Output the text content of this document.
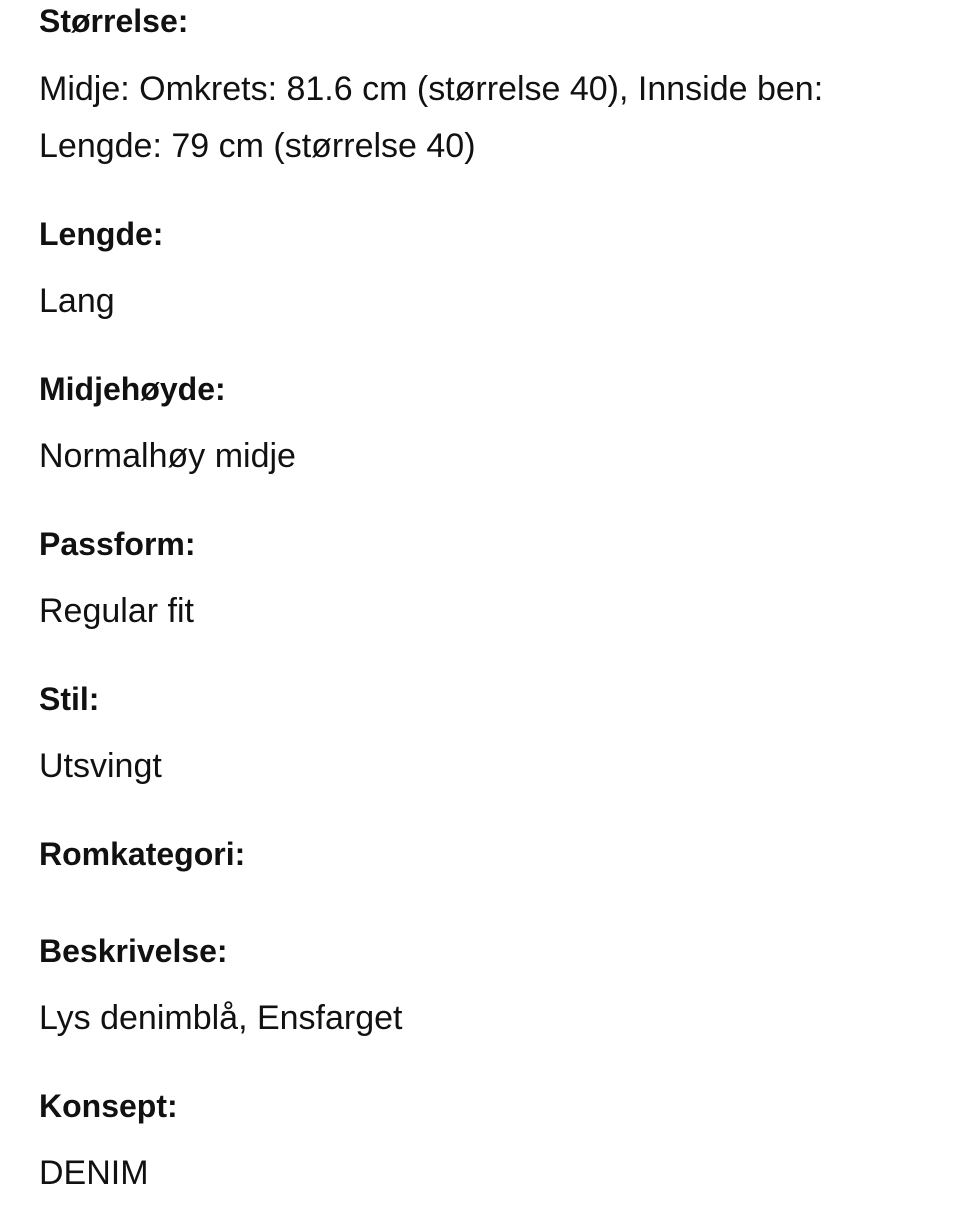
Størrelse:
Midje: Omkrets: 81.6 cm (størrelse 40), Innside ben: Lengde: 79 cm (størrelse 40)
Lengde:
Lang
Midjehøyde:
Normalhøy midje
Passform:
Regular fit
Stil:
Utsvingt
Romkategori:
Beskrivelse:
Lys denimblå, Ensfarget
Konsept:
DENIM
